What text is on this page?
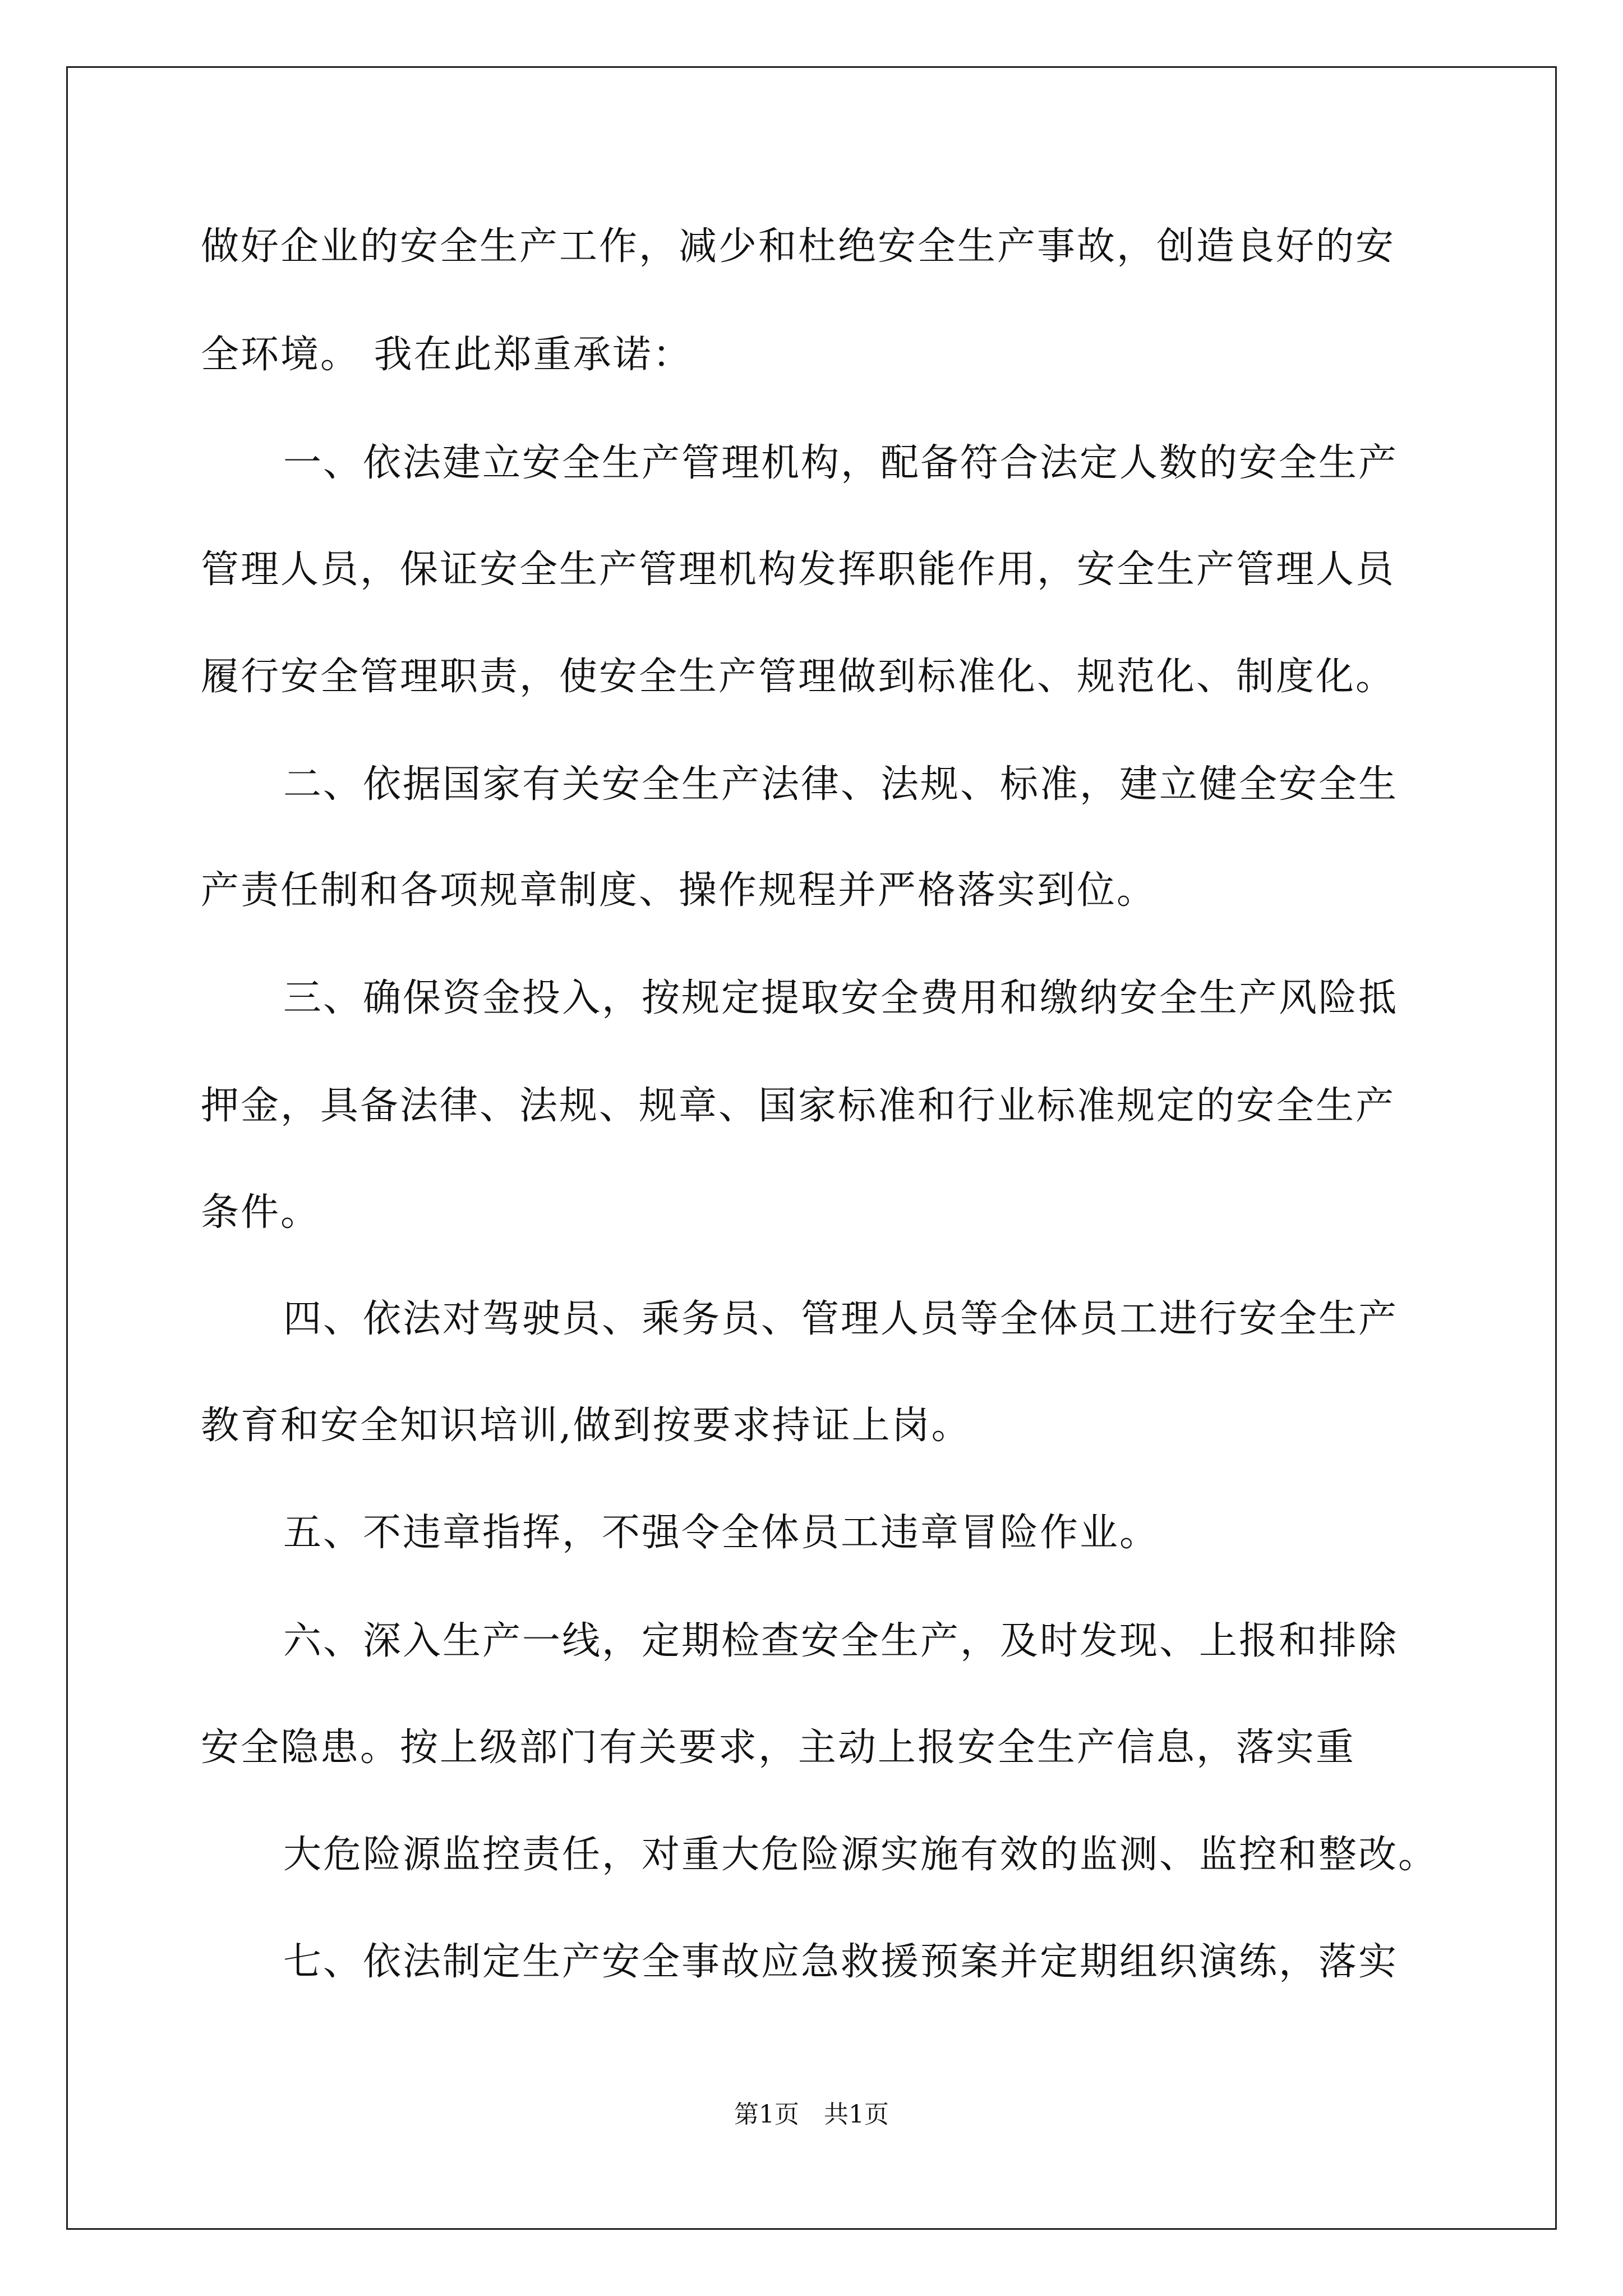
做好企业的安全生产工作，减少和杜绝安全生产事故，创造良好的安

全环境。 我在此郑重承诺：

一、依法建立安全生产管理机构，配备符合法定人数的安全生产

管理人员，保证安全生产管理机构发挥职能作用，安全生产管理人员

履行安全管理职责，使安全生产管理做到标准化、规范化、制度化。

二、依据国家有关安全生产法律、法规、标准，建立健全安全生

产责任制和各项规章制度、操作规程并严格落实到位。

三、确保资金投入，按规定提取安全费用和缴纳安全生产风险抵

押金，具备法律、法规、规章、国家标准和行业标准规定的安全生产

条件。

四、依法对驾驶员、乘务员、管理人员等全体员工进行安全生产

教育和安全知识培训,做到按要求持证上岗。

五、不违章指挥，不强令全体员工违章冒险作业。

六、深入生产一线，定期检查安全生产，及时发现、上报和排除

安全隐患。按上级部门有关要求，主动上报安全生产信息，落实重

大危险源监控责任，对重大危险源实施有效的监测、监控和整改。

七、依法制定生产安全事故应急救援预案并定期组织演练，落实

第1页 共1页
